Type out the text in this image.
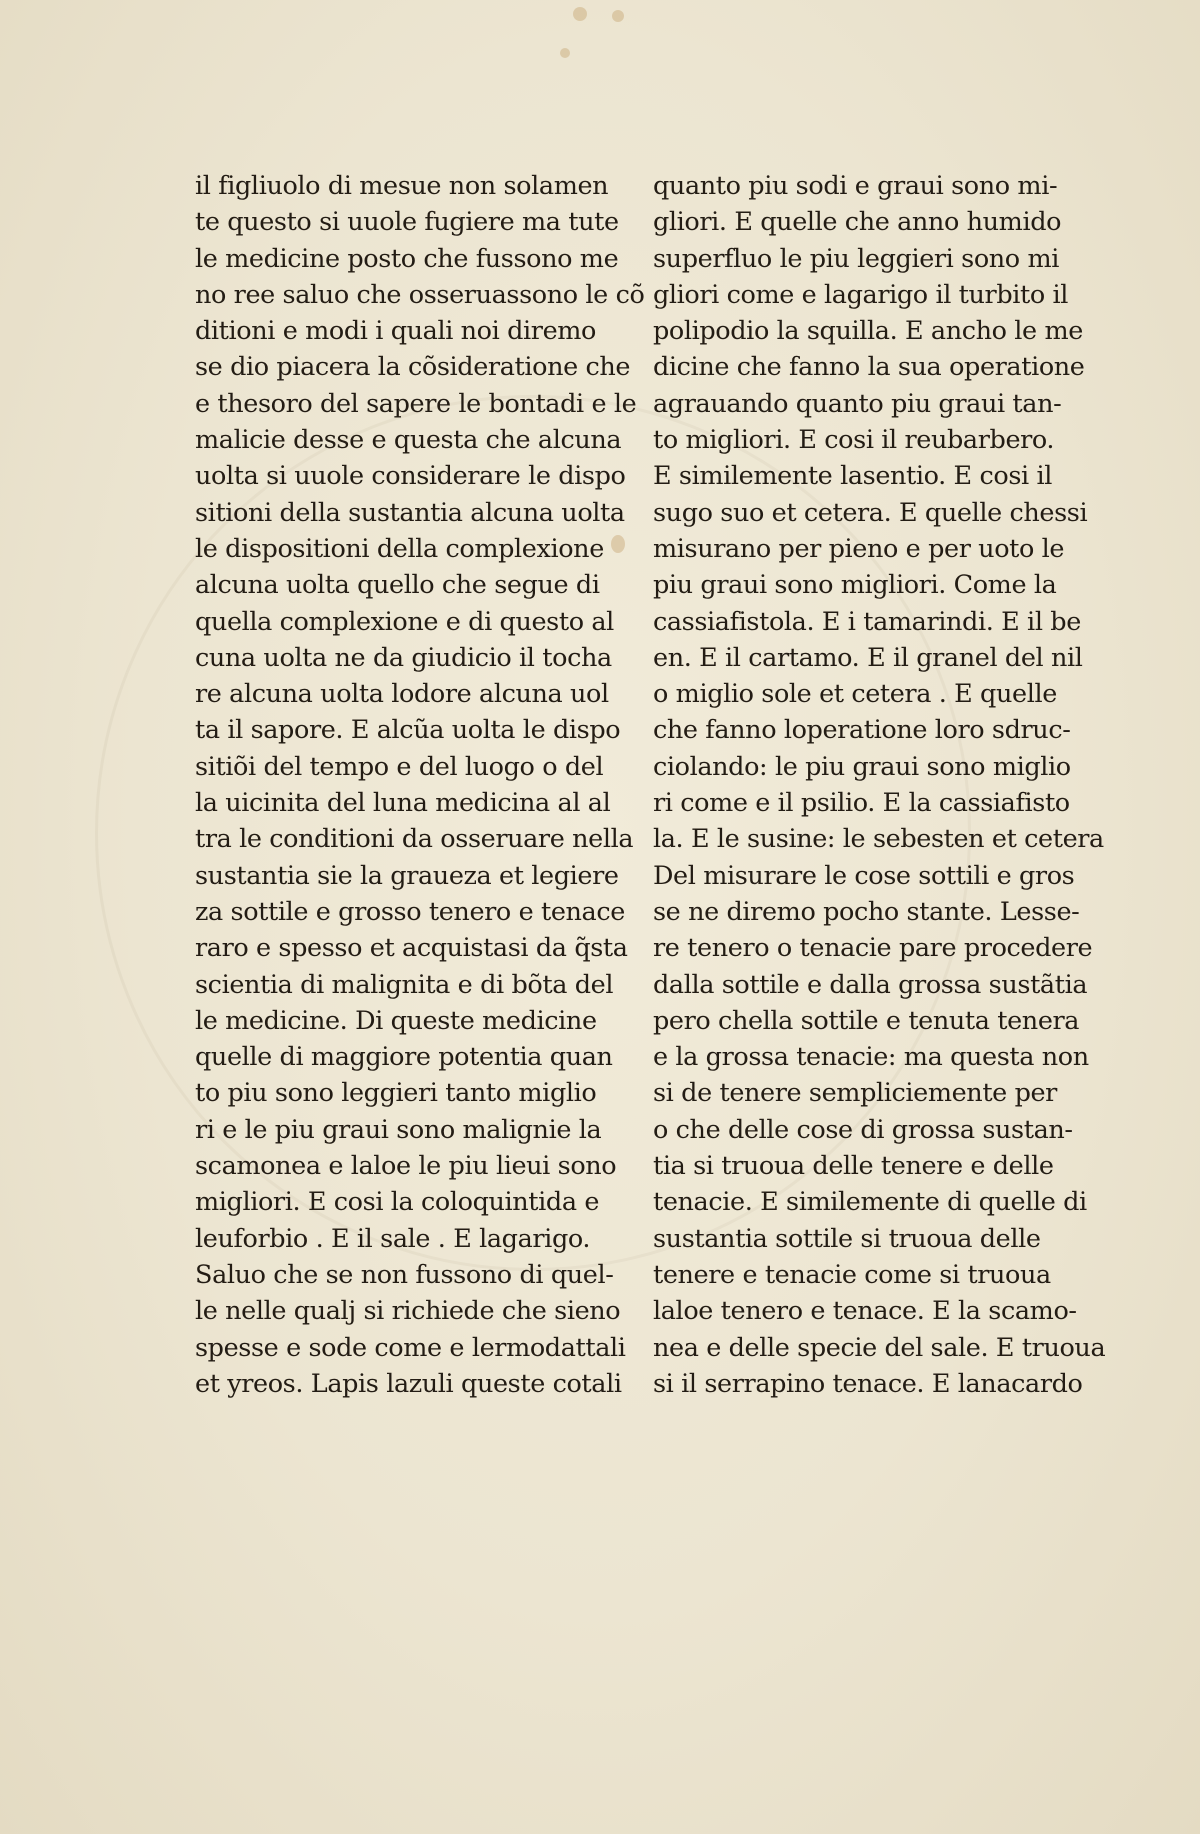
il figliuolo di mesue non solamen
te questo si uuole fugiere ma tute
le medicine posto che fussono me
no ree saluo che osseruassono le cõ
ditioni e modi i quali noi diremo
se dio piacera la cõsideratione che
e thesoro del sapere le bontadi e le
malicie desse e questa che alcuna
uolta si uuole considerare le dispo
sitioni della sustantia alcuna uolta
le dispositioni della complexione
alcuna uolta quello che segue di
quella complexione e di questo al
cuna uolta ne da giudicio il tocha
re alcuna uolta lodore alcuna uol
ta il sapore. E alcũa uolta le dispo
sitiõi del tempo e del luogo o del
la uicinita del luna medicina al al
tra le conditioni da osseruare nella
sustantia sie la graueza et legiere
za sottile e grosso tenero e tenace
raro e spesso et acquistasi da q̃sta
scientia di malignita e di bõta del
le medicine. Di queste medicine
quelle di maggiore potentia quan
to piu sono leggieri tanto miglio
ri e le piu graui sono malignie la
scamonea e laloe le piu lieui sono
migliori. E cosi la coloquintida e
leuforbio . E il sale . E lagarigo.
Saluo che se non fussono di quel-
le nelle qualj si richiede che sieno
spesse e sode come e lermodattali
et yreos. Lapis lazuli queste cotali
quanto piu sodi e graui sono mi-
gliori. E quelle che anno humido
superfluo le piu leggieri sono mi
gliori come e lagarigo il turbito il
polipodio la squilla. E ancho le me
dicine che fanno la sua operatione
agrauando quanto piu graui tan-
to migliori. E cosi il reubarbero.
E similemente lasentio. E cosi il
sugo suo et cetera. E quelle chessi
misurano per pieno e per uoto le
piu graui sono migliori. Come la
cassiafistola. E i tamarindi. E il be
en. E il cartamo. E il granel del nil
o miglio sole et cetera . E quelle
che fanno loperatione loro sdruc-
ciolando: le piu graui sono miglio
ri come e il psilio. E la cassiafisto
la. E le susine: le sebesten et cetera
Del misurare le cose sottili e gros
se ne diremo pocho stante. Lesse-
re tenero o tenacie pare procedere
dalla sottile e dalla grossa sustãtia
pero chella sottile e tenuta tenera
e la grossa tenacie: ma questa non
si de tenere sempliciemente per
o che delle cose di grossa sustan-
tia si truoua delle tenere e delle
tenacie. E similemente di quelle di
sustantia sottile si truoua delle
tenere e tenacie come si truoua
laloe tenero e tenace. E la scamo-
nea e delle specie del sale. E truoua
si il serrapino tenace. E lanacardo
